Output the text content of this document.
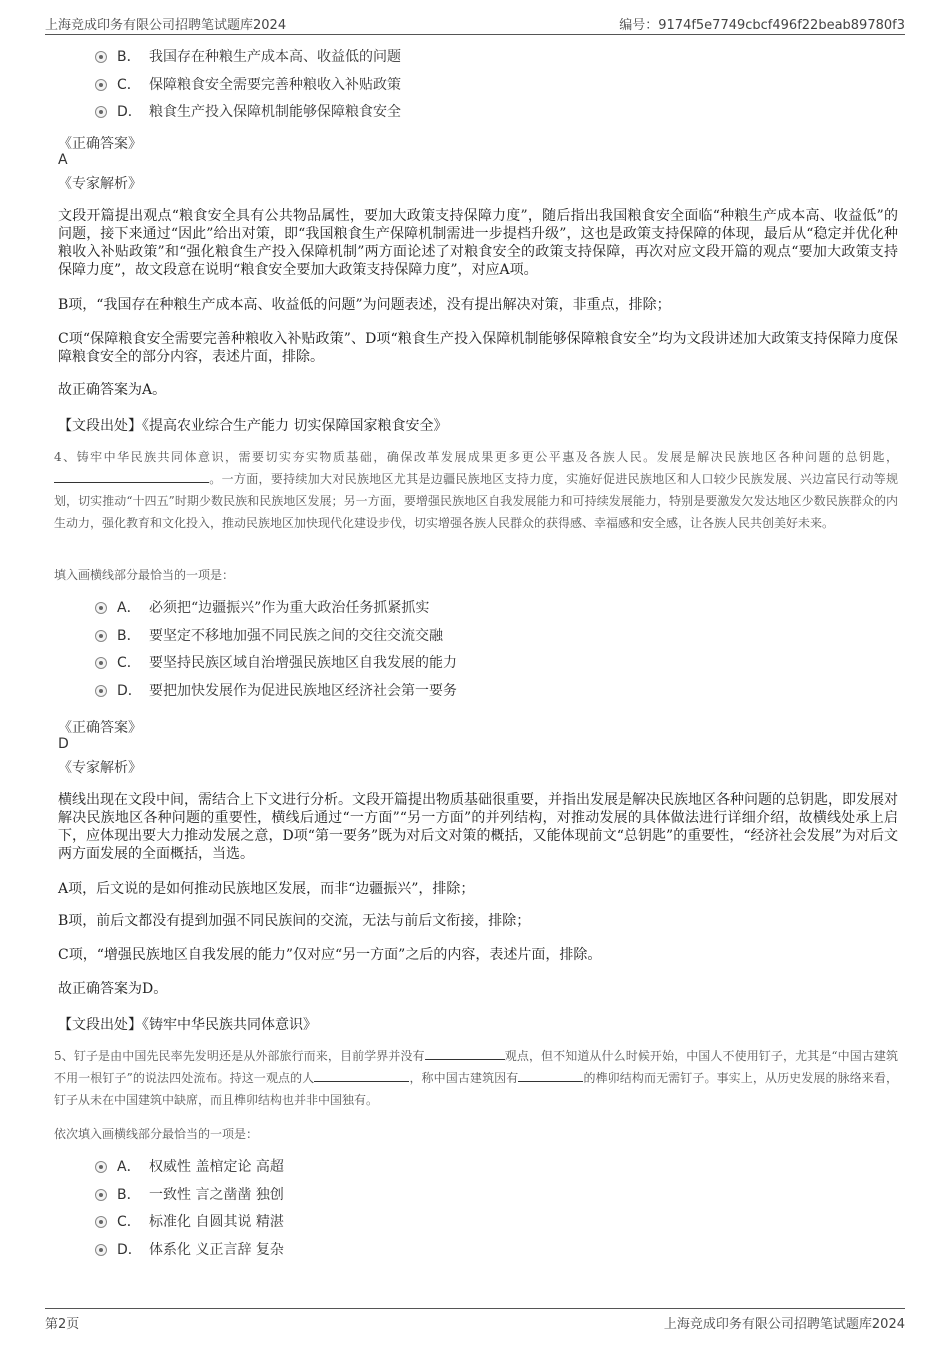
上海竞成印务有限公司招聘笔试题库2024	编号：9174f5e7749cbcf496f22beab89780f3
B． 我国存在种粮生产成本高、收益低的问题
C． 保障粮食安全需要完善种粮收入补贴政策
D． 粮食生产投入保障机制能够保障粮食安全
《正确答案》
A
《专家解析》
文段开篇提出观点“粮食安全具有公共物品属性，要加大政策支持保障力度”，随后指出我国粮食安全面临“种粮生产成本高、收益低”的问题，接下来通过“因此”给出对策，即“我国粮食生产保障机制需进一步提档升级”，这也是政策支持保障的体现，最后从“稳定并优化种粮收入补贴政策”和“强化粮食生产投入保障机制”两方面论述了对粮食安全的政策支持保障，再次对应文段开篇的观点“要加大政策支持保障力度”，故文段意在说明“粮食安全要加大政策支持保障力度”，对应A项。
B项，“我国存在种粮生产成本高、收益低的问题”为问题表述，没有提出解决对策，非重点，排除；
C项“保障粮食安全需要完善种粮收入补贴政策”、D项“粮食生产投入保障机制能够保障粮食安全”均为文段讲述加大政策支持保障力度保障粮食安全的部分内容，表述片面，排除。
故正确答案为A。
【文段出处】《提高农业综合生产能力 切实保障国家粮食安全》
4、铸牢中华民族共同体意识，需要切实夯实物质基础，确保改革发展成果更多更公平惠及各族人民。发展是解决民族地区各种问题的总钥匙，。一方面，要持续加大对民族地区尤其是边疆民族地区支持力度，实施好促进民族地区和人口较少民族发展、兴边富民行动等规划，切实推动“十四五”时期少数民族和民族地区发展；另一方面，要增强民族地区自我发展能力和可持续发展能力，特别是要激发欠发达地区少数民族群众的内生动力，强化教育和文化投入，推动民族地区加快现代化建设步伐，切实增强各族人民群众的获得感、幸福感和安全感，让各族人民共创美好未来。
填入画横线部分最恰当的一项是：
A． 必须把“边疆振兴”作为重大政治任务抓紧抓实
B． 要坚定不移地加强不同民族之间的交往交流交融
C． 要坚持民族区域自治增强民族地区自我发展的能力
D． 要把加快发展作为促进民族地区经济社会第一要务
《正确答案》
D
《专家解析》
横线出现在文段中间，需结合上下文进行分析。文段开篇提出物质基础很重要，并指出发展是解决民族地区各种问题的总钥匙，即发展对解决民族地区各种问题的重要性，横线后通过“一方面”“另一方面”的并列结构，对推动发展的具体做法进行详细介绍，故横线处承上启下，应体现出要大力推动发展之意，D项“第一要务”既为对后文对策的概括，又能体现前文“总钥匙”的重要性，“经济社会发展”为对后文两方面发展的全面概括，当选。
A项，后文说的是如何推动民族地区发展，而非“边疆振兴”，排除；
B项，前后文都没有提到加强不同民族间的交流，无法与前后文衔接，排除；
C项，“增强民族地区自我发展的能力”仅对应“另一方面”之后的内容，表述片面，排除。
故正确答案为D。
【文段出处】《铸牢中华民族共同体意识》
5、钉子是由中国先民率先发明还是从外部旅行而来，目前学界并没有	观点，但不知道从什么时候开始，中国人不使用钉子，尤其是“中国古建筑不用一根钉子”的说法四处流布。持这一观点的人	，称中国古建筑因有	的榫卯结构而无需钉子。事实上，从历史发展的脉络来看，钉子从未在中国建筑中缺席，而且榫卯结构也并非中国独有。
依次填入画横线部分最恰当的一项是：
A． 权威性 盖棺定论 高超
B． 一致性 言之凿凿 独创
C． 标准化 自圆其说 精湛
D． 体系化 义正言辞 复杂
第2页	上海竞成印务有限公司招聘笔试题库2024
